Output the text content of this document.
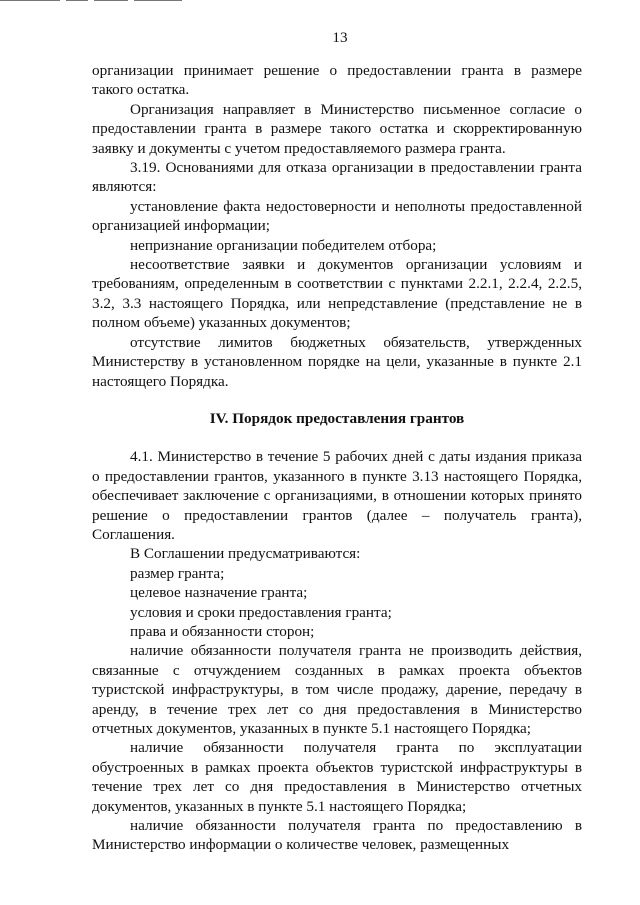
13

организации принимает решение о предоставлении гранта в размере такого остатка.

Организация направляет в Министерство письменное согласие о предоставлении гранта в размере такого остатка и скорректированную заявку и документы с учетом предоставляемого размера гранта.

3.19. Основаниями для отказа организации в предоставлении гранта являются:

установление факта недостоверности и неполноты предоставленной организацией информации;

непризнание организации победителем отбора;

несоответствие заявки и документов организации условиям и требованиям, определенным в соответствии с пунктами 2.2.1, 2.2.4, 2.2.5, 3.2, 3.3 настоящего Порядка, или непредставление (представление не в полном объеме) указанных документов;

отсутствие лимитов бюджетных обязательств, утвержденных Министерству в установленном порядке на цели, указанные в пункте 2.1 настоящего Порядка.

IV. Порядок предоставления грантов

4.1. Министерство в течение 5 рабочих дней с даты издания приказа о предоставлении грантов, указанного в пункте 3.13 настоящего Порядка, обеспечивает заключение с организациями, в отношении которых принято решение о предоставлении грантов (далее – получатель гранта), Соглашения.

В Соглашении предусматриваются:

размер гранта;

целевое назначение гранта;

условия и сроки предоставления гранта;

права и обязанности сторон;

наличие обязанности получателя гранта не производить действия, связанные с отчуждением созданных в рамках проекта объектов туристской инфраструктуры, в том числе продажу, дарение, передачу в аренду, в течение трех лет со дня предоставления в Министерство отчетных документов, указанных в пункте 5.1 настоящего Порядка;

наличие обязанности получателя гранта по эксплуатации обустроенных в рамках проекта объектов туристской инфраструктуры в течение трех лет со дня предоставления в Министерство отчетных документов, указанных в пункте 5.1 настоящего Порядка;

наличие обязанности получателя гранта по предоставлению в Министерство информации о количестве человек, размещенных
